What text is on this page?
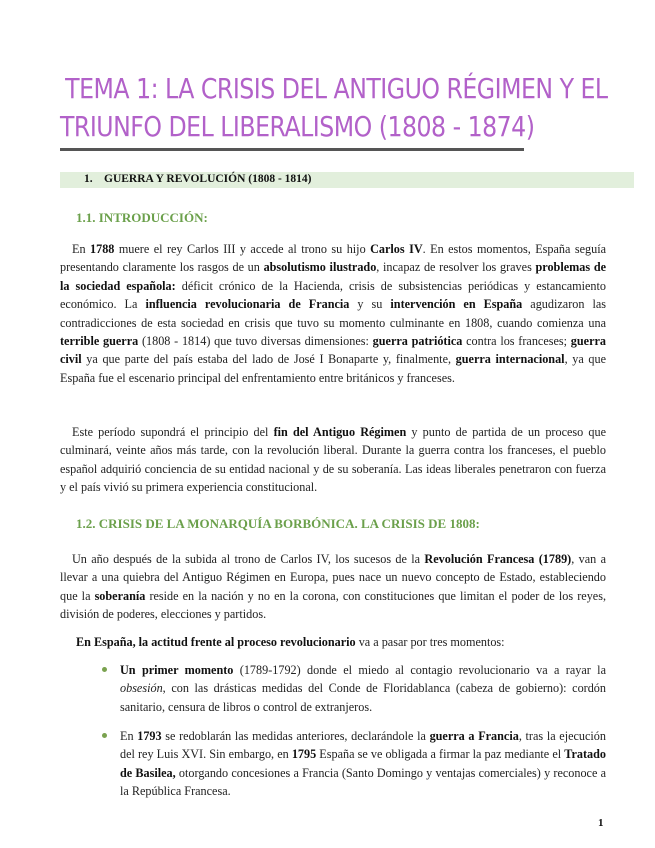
TEMA 1: LA CRISIS DEL ANTIGUO RÉGIMEN Y EL
TRIUNFO DEL LIBERALISMO (1808 - 1874)
1. GUERRA Y REVOLUCIÓN (1808 - 1814)
1.1. INTRODUCCIÓN:
En 1788 muere el rey Carlos III y accede al trono su hijo Carlos IV. En estos momentos, España seguía presentando claramente los rasgos de un absolutismo ilustrado, incapaz de resolver los graves problemas de la sociedad española: déficit crónico de la Hacienda, crisis de subsistencias periódicas y estancamiento económico. La influencia revolucionaria de Francia y su intervención en España agudizaron las contradicciones de esta sociedad en crisis que tuvo su momento culminante en 1808, cuando comienza una terrible guerra (1808 - 1814) que tuvo diversas dimensiones: guerra patriótica contra los franceses; guerra civil ya que parte del país estaba del lado de José I Bonaparte y, finalmente, guerra internacional, ya que España fue el escenario principal del enfrentamiento entre británicos y franceses.
Este período supondrá el principio del fin del Antiguo Régimen y punto de partida de un proceso que culminará, veinte años más tarde, con la revolución liberal. Durante la guerra contra los franceses, el pueblo español adquirió conciencia de su entidad nacional y de su soberanía. Las ideas liberales penetraron con fuerza y el país vivió su primera experiencia constitucional.
1.2. CRISIS DE LA MONARQUÍA BORBÓNICA. LA CRISIS DE 1808:
Un año después de la subida al trono de Carlos IV, los sucesos de la Revolución Francesa (1789), van a llevar a una quiebra del Antiguo Régimen en Europa, pues nace un nuevo concepto de Estado, estableciendo que la soberanía reside en la nación y no en la corona, con constituciones que limitan el poder de los reyes, división de poderes, elecciones y partidos.
En España, la actitud frente al proceso revolucionario va a pasar por tres momentos:
Un primer momento (1789-1792) donde el miedo al contagio revolucionario va a rayar la obsesión, con las drásticas medidas del Conde de Floridablanca (cabeza de gobierno): cordón sanitario, censura de libros o control de extranjeros.
En 1793 se redoblarán las medidas anteriores, declarándole la guerra a Francia, tras la ejecución del rey Luis XVI. Sin embargo, en 1795 España se ve obligada a firmar la paz mediante el Tratado de Basilea, otorgando concesiones a Francia (Santo Domingo y ventajas comerciales) y reconoce a la República Francesa.
1
